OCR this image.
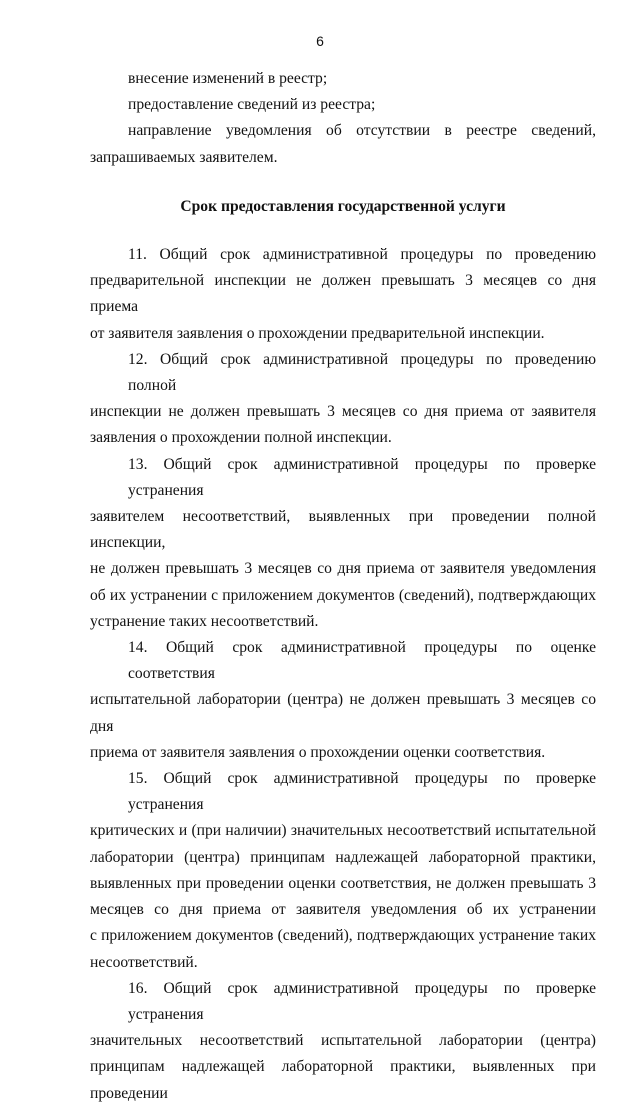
6
внесение изменений в реестр;
предоставление сведений из реестра;
направление уведомления об отсутствии в реестре сведений,
запрашиваемых заявителем.
Срок предоставления государственной услуги
11. Общий срок административной процедуры по проведению
предварительной инспекции не должен превышать 3 месяцев со дня приема
от заявителя заявления о прохождении предварительной инспекции.
12. Общий срок административной процедуры по проведению полной
инспекции не должен превышать 3 месяцев со дня приема от заявителя
заявления о прохождении полной инспекции.
13. Общий срок административной процедуры по проверке устранения
заявителем несоответствий, выявленных при проведении полной инспекции,
не должен превышать 3 месяцев со дня приема от заявителя уведомления
об их устранении с приложением документов (сведений), подтверждающих
устранение таких несоответствий.
14. Общий срок административной процедуры по оценке соответствия
испытательной лаборатории (центра) не должен превышать 3 месяцев со дня
приема от заявителя заявления о прохождении оценки соответствия.
15. Общий срок административной процедуры по проверке устранения
критических и (при наличии) значительных несоответствий испытательной
лаборатории (центра) принципам надлежащей лабораторной практики,
выявленных при проведении оценки соответствия, не должен превышать 3
месяцев со дня приема от заявителя уведомления об их устранении
с приложением документов (сведений), подтверждающих устранение таких
несоответствий.
16. Общий срок административной процедуры по проверке устранения
значительных несоответствий испытательной лаборатории (центра)
принципам надлежащей лабораторной практики, выявленных при проведении
